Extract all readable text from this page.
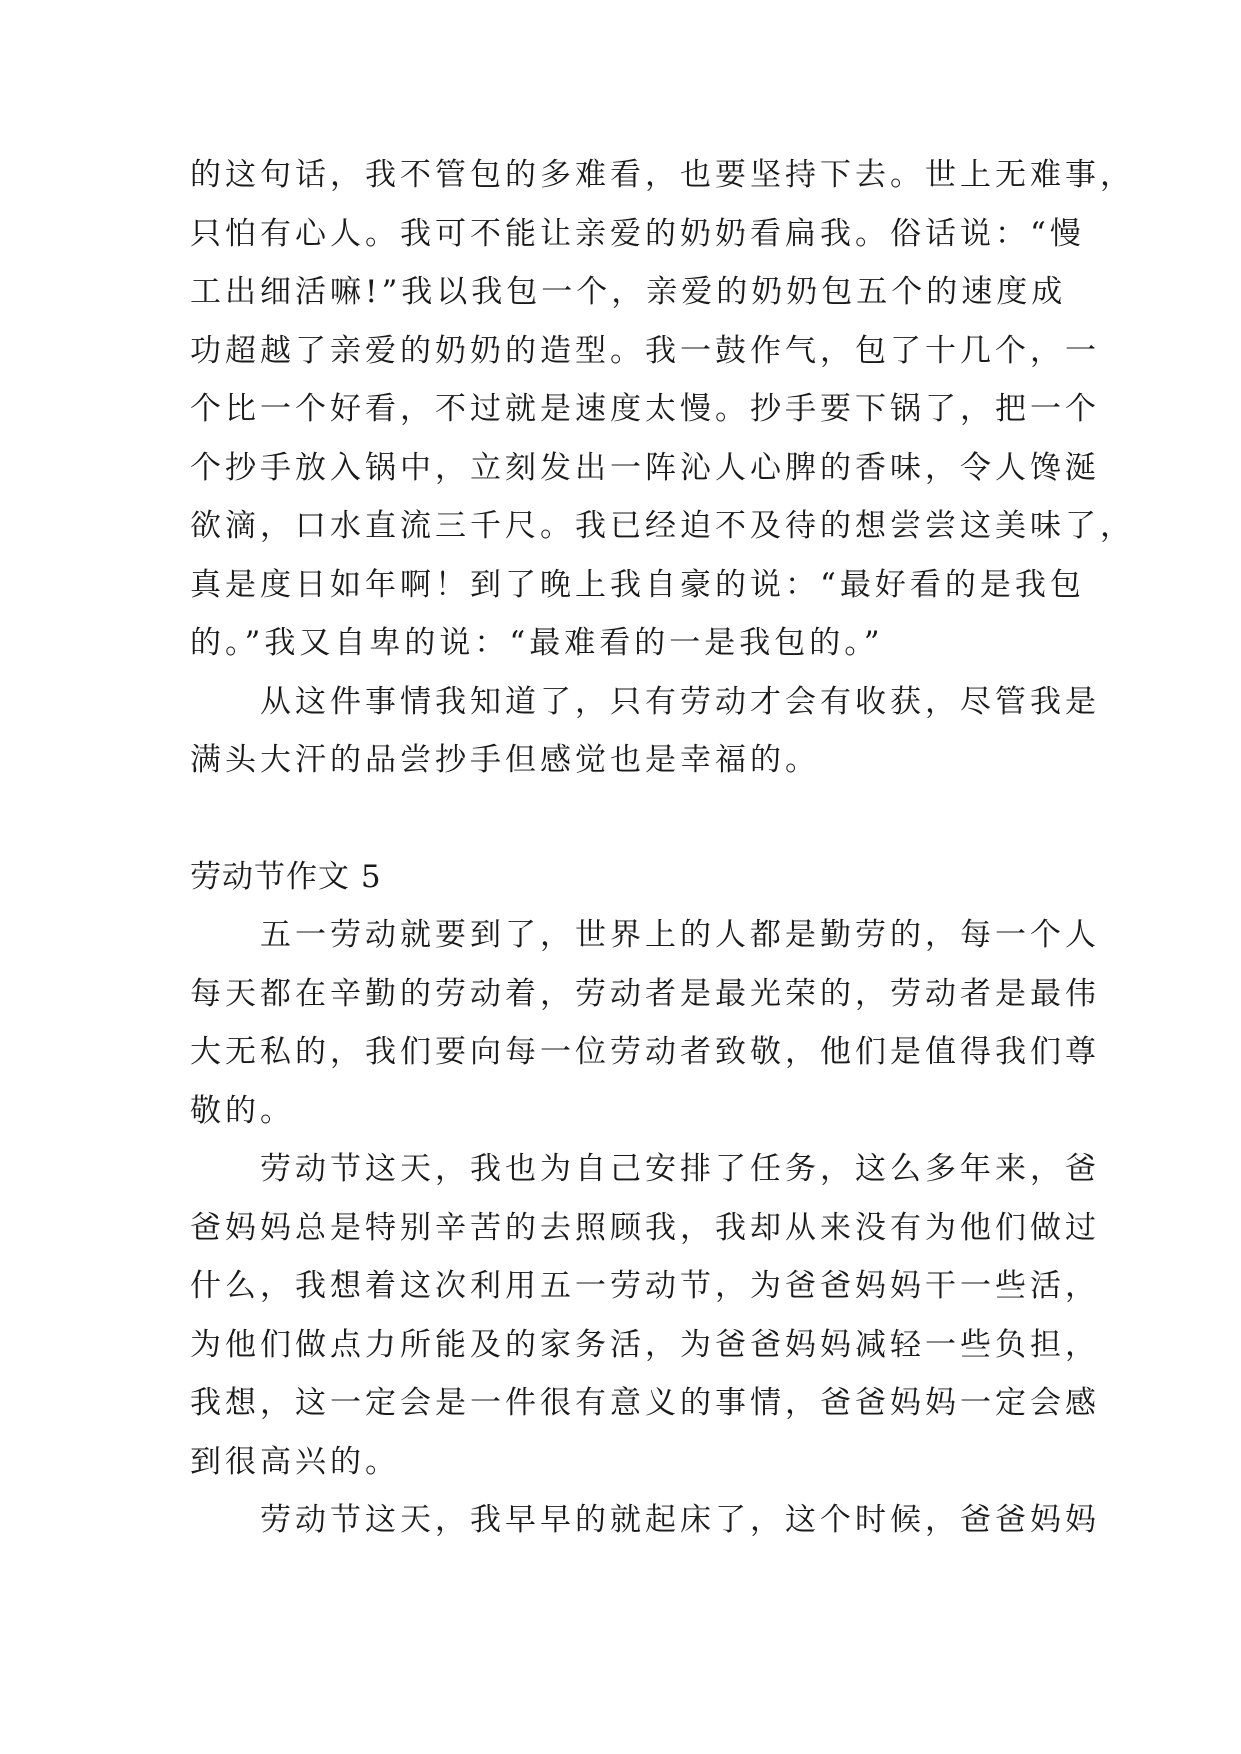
的这句话，我不管包的多难看，也要坚持下去。世上无难事，
只怕有心人。我可不能让亲爱的奶奶看扁我。俗话说：“慢
工出细活嘛!”我以我包一个，亲爱的奶奶包五个的速度成
功超越了亲爱的奶奶的造型。我一鼓作气，包了十几个，一
个比一个好看，不过就是速度太慢。抄手要下锅了，把一个
个抄手放入锅中，立刻发出一阵沁人心脾的香味，令人馋涎
欲滴，口水直流三千尺。我已经迫不及待的想尝尝这美味了，
真是度日如年啊！到了晚上我自豪的说：“最好看的是我包
的。”我又自卑的说：“最难看的一是我包的。”
从这件事情我知道了，只有劳动才会有收获，尽管我是
满头大汗的品尝抄手但感觉也是幸福的。
劳动节作文 5
五一劳动就要到了，世界上的人都是勤劳的，每一个人
每天都在辛勤的劳动着，劳动者是最光荣的，劳动者是最伟
大无私的，我们要向每一位劳动者致敬，他们是值得我们尊
敬的。
劳动节这天，我也为自己安排了任务，这么多年来，爸
爸妈妈总是特别辛苦的去照顾我，我却从来没有为他们做过
什么，我想着这次利用五一劳动节，为爸爸妈妈干一些活，
为他们做点力所能及的家务活，为爸爸妈妈减轻一些负担，
我想，这一定会是一件很有意义的事情，爸爸妈妈一定会感
到很高兴的。
劳动节这天，我早早的就起床了，这个时候，爸爸妈妈
